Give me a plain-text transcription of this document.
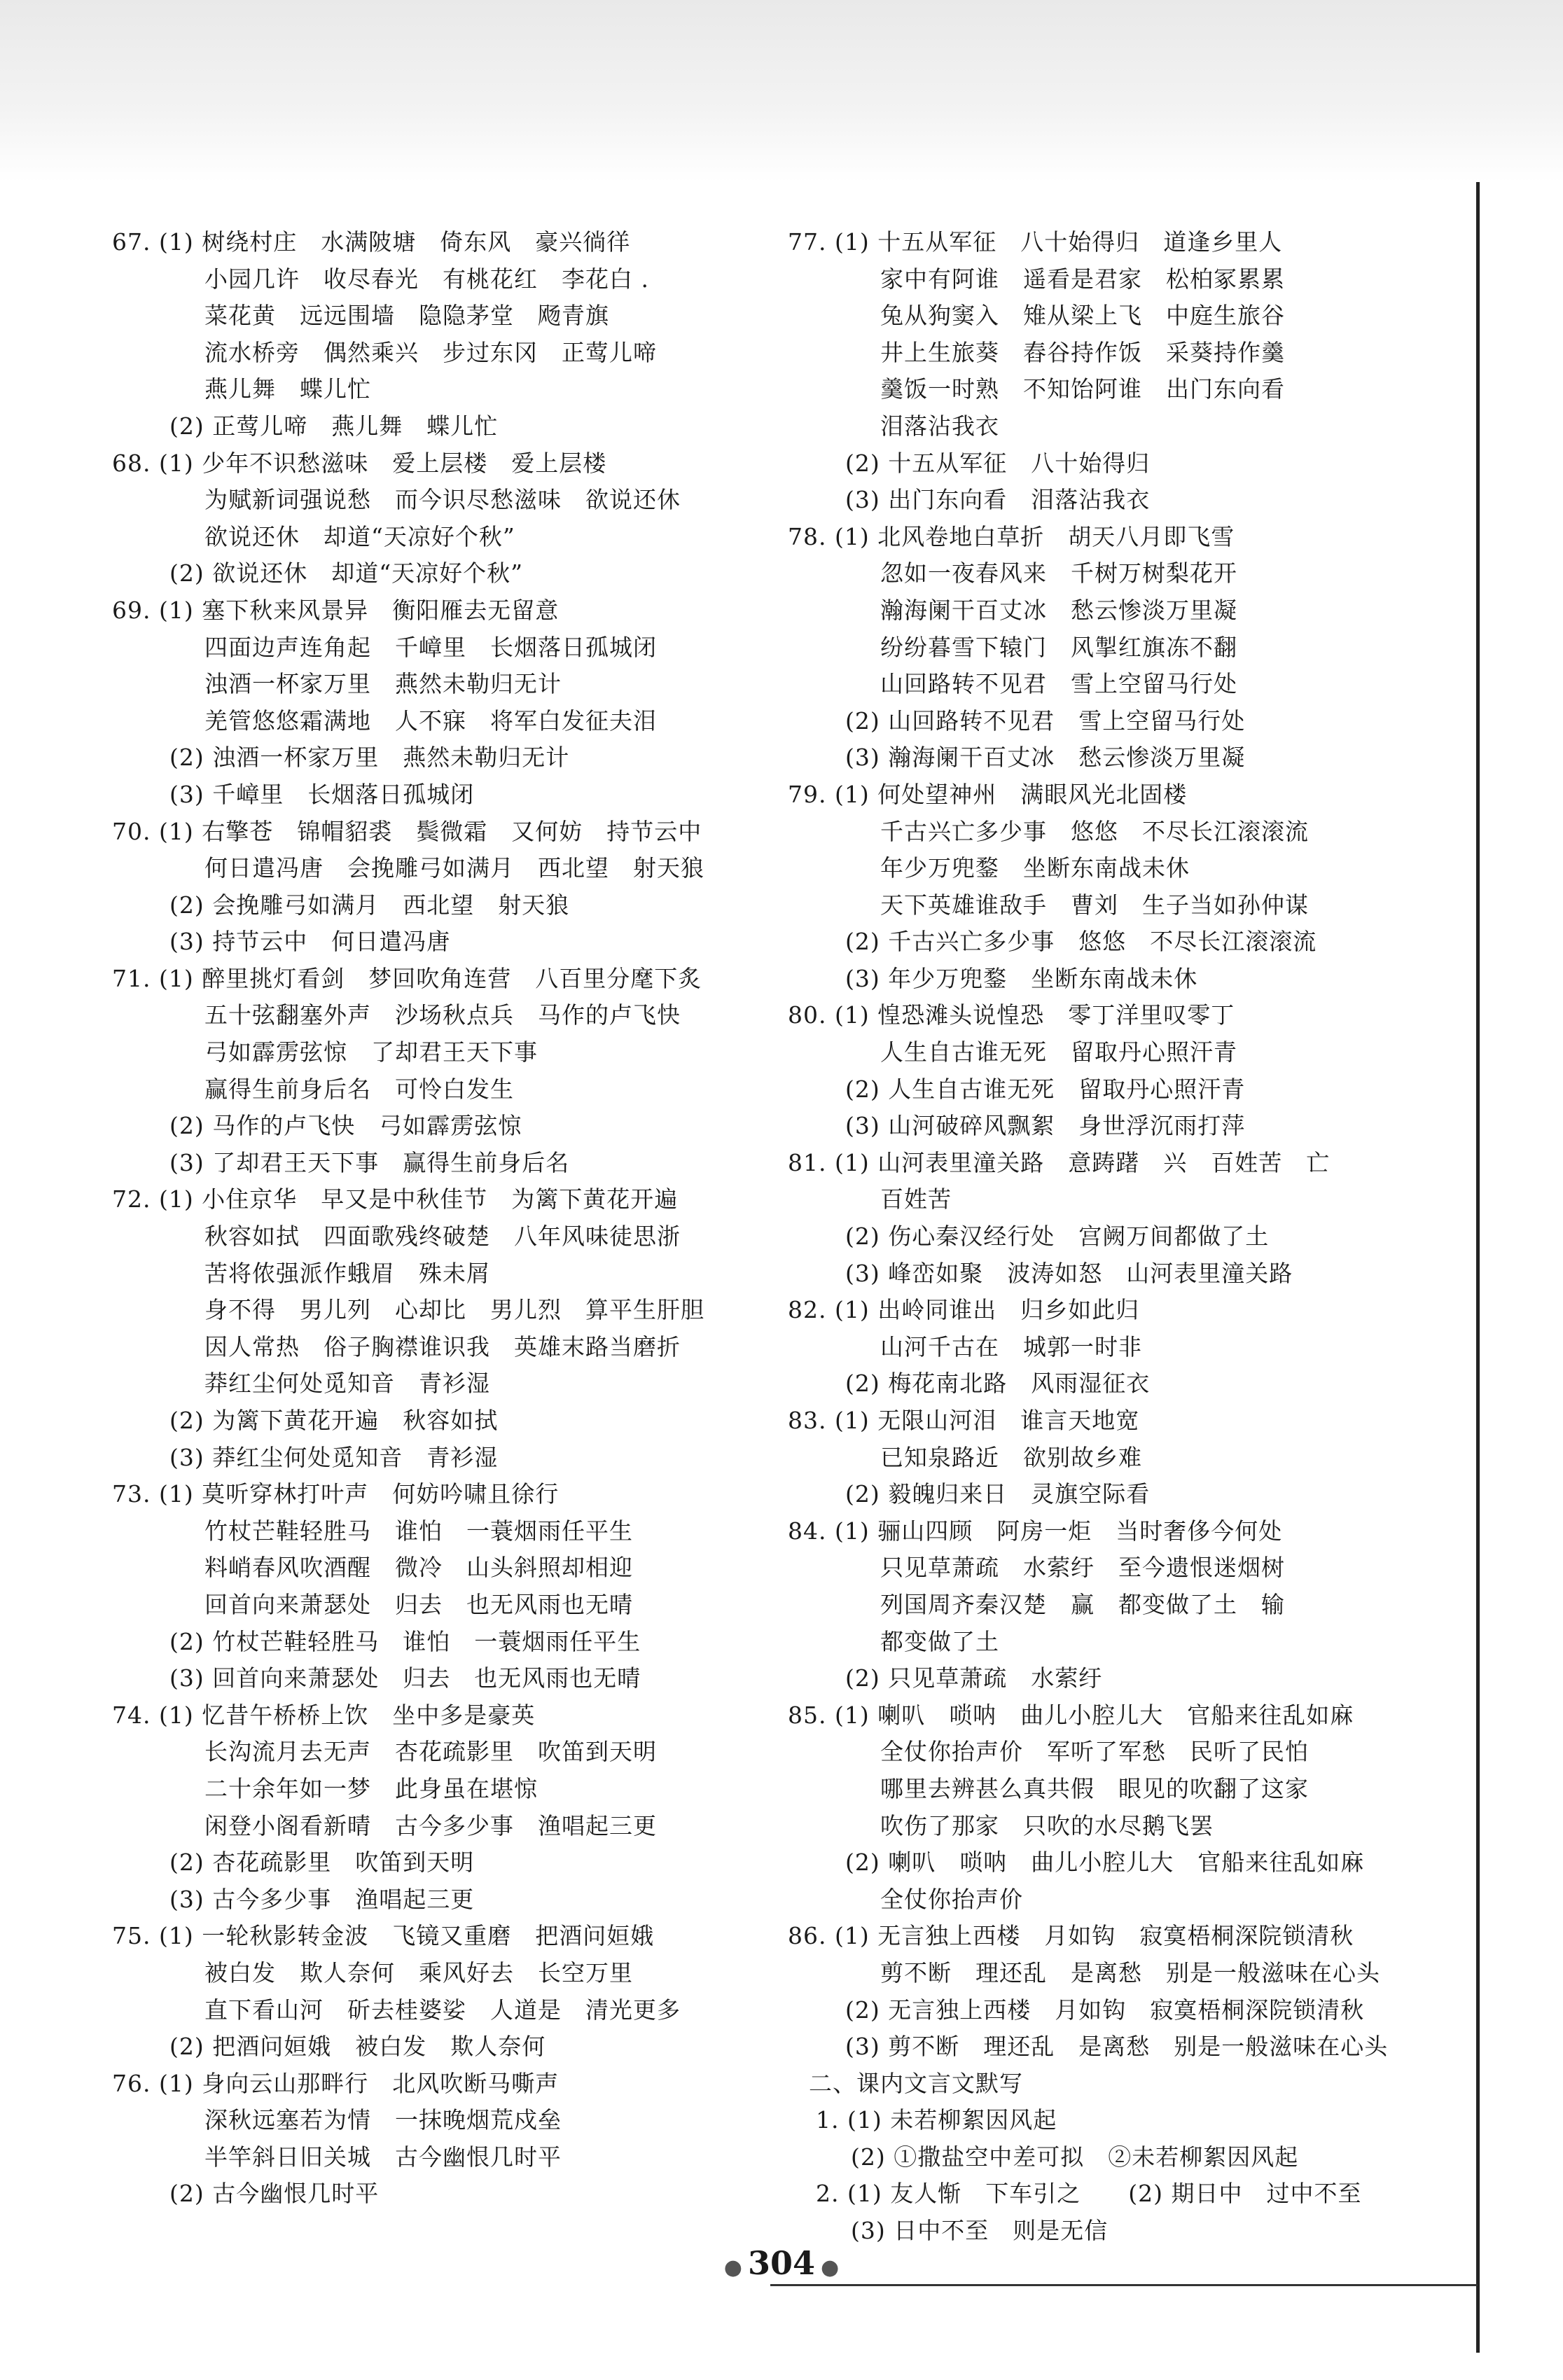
67. (1) 树绕村庄　水满陂塘　倚东风　豪兴徜徉
小园几许　收尽春光　有桃花红　李花白 .
菜花黄　远远围墙　隐隐茅堂　飏青旗
流水桥旁　偶然乘兴　步过东冈　正莺儿啼
燕儿舞　蝶儿忙
(2) 正莺儿啼　燕儿舞　蝶儿忙
68. (1) 少年不识愁滋味　爱上层楼　爱上层楼
为赋新词强说愁　而今识尽愁滋味　欲说还休
欲说还休　却道“天凉好个秋”
(2) 欲说还休　却道“天凉好个秋”
69. (1) 塞下秋来风景异　衡阳雁去无留意
四面边声连角起　千嶂里　长烟落日孤城闭
浊酒一杯家万里　燕然未勒归无计
羌管悠悠霜满地　人不寐　将军白发征夫泪
(2) 浊酒一杯家万里　燕然未勒归无计
(3) 千嶂里　长烟落日孤城闭
70. (1) 右擎苍　锦帽貂裘　鬓微霜　又何妨　持节云中
何日遣冯唐　会挽雕弓如满月　西北望　射天狼
(2) 会挽雕弓如满月　西北望　射天狼
(3) 持节云中　何日遣冯唐
71. (1) 醉里挑灯看剑　梦回吹角连营　八百里分麾下炙
五十弦翻塞外声　沙场秋点兵　马作的卢飞快
弓如霹雳弦惊　了却君王天下事
赢得生前身后名　可怜白发生
(2) 马作的卢飞快　弓如霹雳弦惊
(3) 了却君王天下事　赢得生前身后名
72. (1) 小住京华　早又是中秋佳节　为篱下黄花开遍
秋容如拭　四面歌残终破楚　八年风味徒思浙
苦将侬强派作蛾眉　殊未屑
身不得　男儿列　心却比　男儿烈　算平生肝胆
因人常热　俗子胸襟谁识我　英雄末路当磨折
莽红尘何处觅知音　青衫湿
(2) 为篱下黄花开遍　秋容如拭
(3) 莽红尘何处觅知音　青衫湿
73. (1) 莫听穿林打叶声　何妨吟啸且徐行
竹杖芒鞋轻胜马　谁怕　一蓑烟雨任平生
料峭春风吹酒醒　微冷　山头斜照却相迎
回首向来萧瑟处　归去　也无风雨也无晴
(2) 竹杖芒鞋轻胜马　谁怕　一蓑烟雨任平生
(3) 回首向来萧瑟处　归去　也无风雨也无晴
74. (1) 忆昔午桥桥上饮　坐中多是豪英
长沟流月去无声　杏花疏影里　吹笛到天明
二十余年如一梦　此身虽在堪惊
闲登小阁看新晴　古今多少事　渔唱起三更
(2) 杏花疏影里　吹笛到天明
(3) 古今多少事　渔唱起三更
75. (1) 一轮秋影转金波　飞镜又重磨　把酒问姮娥
被白发　欺人奈何　乘风好去　长空万里
直下看山河　斫去桂婆娑　人道是　清光更多
(2) 把酒问姮娥　被白发　欺人奈何
76. (1) 身向云山那畔行　北风吹断马嘶声
深秋远塞若为情　一抹晚烟荒戍垒
半竿斜日旧关城　古今幽恨几时平
(2) 古今幽恨几时平
77. (1) 十五从军征　八十始得归　道逢乡里人
家中有阿谁　遥看是君家　松柏冢累累
兔从狗窦入　雉从梁上飞　中庭生旅谷
井上生旅葵　舂谷持作饭　采葵持作羹
羹饭一时熟　不知饴阿谁　出门东向看
泪落沾我衣
(2) 十五从军征　八十始得归
(3) 出门东向看　泪落沾我衣
78. (1) 北风卷地白草折　胡天八月即飞雪
忽如一夜春风来　千树万树梨花开
瀚海阑干百丈冰　愁云惨淡万里凝
纷纷暮雪下辕门　风掣红旗冻不翻
山回路转不见君　雪上空留马行处
(2) 山回路转不见君　雪上空留马行处
(3) 瀚海阑干百丈冰　愁云惨淡万里凝
79. (1) 何处望神州　满眼风光北固楼
千古兴亡多少事　悠悠　不尽长江滚滚流
年少万兜鍪　坐断东南战未休
天下英雄谁敌手　曹刘　生子当如孙仲谋
(2) 千古兴亡多少事　悠悠　不尽长江滚滚流
(3) 年少万兜鍪　坐断东南战未休
80. (1) 惶恐滩头说惶恐　零丁洋里叹零丁
人生自古谁无死　留取丹心照汗青
(2) 人生自古谁无死　留取丹心照汗青
(3) 山河破碎风飘絮　身世浮沉雨打萍
81. (1) 山河表里潼关路　意踌躇　兴　百姓苦　亡
百姓苦
(2) 伤心秦汉经行处　宫阙万间都做了土
(3) 峰峦如聚　波涛如怒　山河表里潼关路
82. (1) 出岭同谁出　归乡如此归
山河千古在　城郭一时非
(2) 梅花南北路　风雨湿征衣
83. (1) 无限山河泪　谁言天地宽
已知泉路近　欲别故乡难
(2) 毅魄归来日　灵旗空际看
84. (1) 骊山四顾　阿房一炬　当时奢侈今何处
只见草萧疏　水萦纡　至今遗恨迷烟树
列国周齐秦汉楚　赢　都变做了土　输
都变做了土
(2) 只见草萧疏　水萦纡
85. (1) 喇叭　唢呐　曲儿小腔儿大　官船来往乱如麻
全仗你抬声价　军听了军愁　民听了民怕
哪里去辨甚么真共假　眼见的吹翻了这家
吹伤了那家　只吹的水尽鹅飞罢
(2) 喇叭　唢呐　曲儿小腔儿大　官船来往乱如麻
全仗你抬声价
86. (1) 无言独上西楼　月如钩　寂寞梧桐深院锁清秋
剪不断　理还乱　是离愁　别是一般滋味在心头
(2) 无言独上西楼　月如钩　寂寞梧桐深院锁清秋
(3) 剪不断　理还乱　是离愁　别是一般滋味在心头
二、课内文言文默写
1. (1) 未若柳絮因风起
(2) ①撒盐空中差可拟　②未若柳絮因风起
2. (1) 友人惭　下车引之　　(2) 期日中　过中不至
(3) 日中不至　则是无信
● 304 ●
